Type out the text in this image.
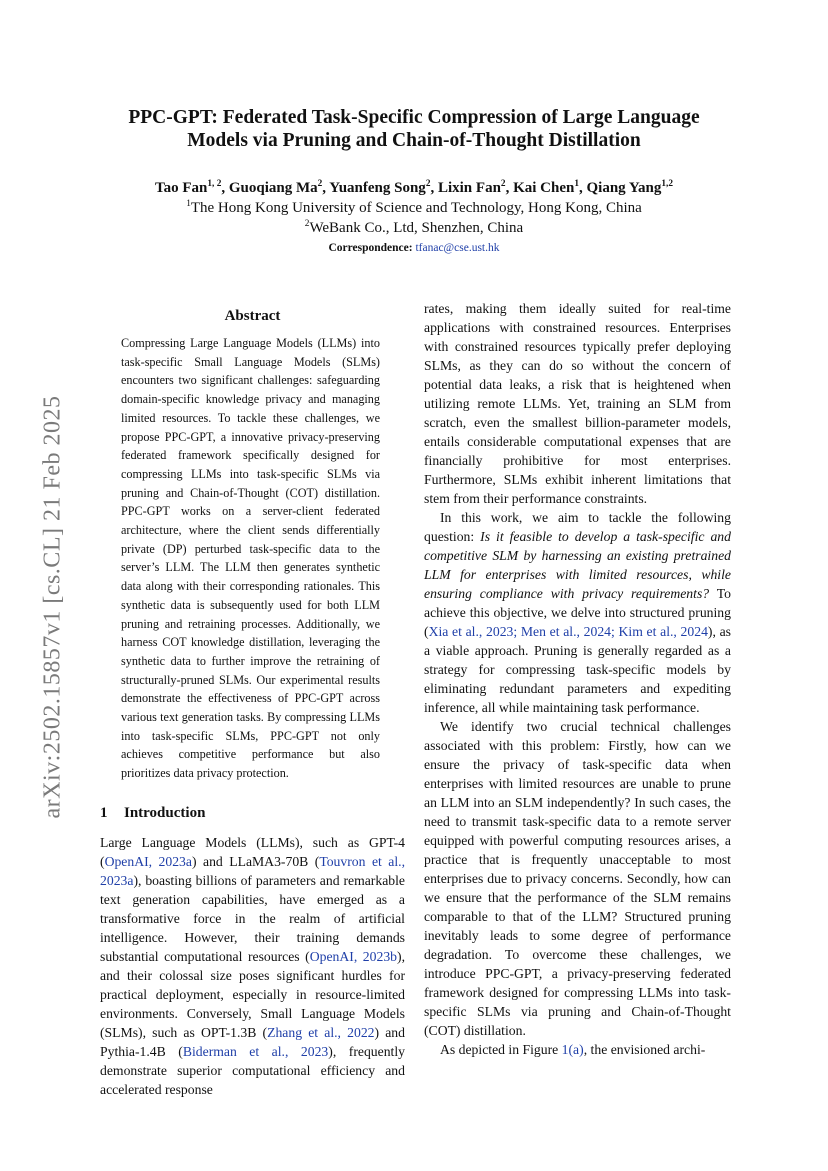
arXiv:2502.15857v1 [cs.CL] 21 Feb 2025
PPC-GPT: Federated Task-Specific Compression of Large Language
Models via Pruning and Chain-of-Thought Distillation
Tao Fan$^{1, 2}$, Guoqiang Ma$^2$, Yuanfeng Song$^2$, Lixin Fan$^2$, Kai Chen$^1$, Qiang Yang$^{1,2}$
$^1$The Hong Kong University of Science and Technology, Hong Kong, China
$^2$WeBank Co., Ltd, Shenzhen, China
Correspondence: tfanac@cse.ust.hk
Abstract

Compressing Large Language Models (LLMs) into task-specific Small Language Models (SLMs) encounters two significant challenges: safeguarding domain-specific knowledge privacy and managing limited resources. To tackle these challenges, we propose PPC-GPT, a innovative privacy-preserving federated framework specifically designed for compressing LLMs into task-specific SLMs via pruning and Chain-of-Thought (COT) distillation. PPC-GPT works on a server-client federated architecture, where the client sends differentially private (DP) perturbed task-specific data to the server’s LLM. The LLM then generates synthetic data along with their corresponding rationales. This synthetic data is subsequently used for both LLM pruning and retraining processes. Additionally, we harness COT knowledge distillation, leveraging the synthetic data to further improve the retraining of structurally-pruned SLMs. Our experimental results demonstrate the effectiveness of PPC-GPT across various text generation tasks. By compressing LLMs into task-specific SLMs, PPC-GPT not only achieves competitive performance but also prioritizes data privacy protection.

1 Introduction

Large Language Models (LLMs), such as GPT-4 (OpenAI, 2023a) and LLaMA3-70B (Touvron et al., 2023a), boasting billions of parameters and remarkable text generation capabilities, have emerged as a transformative force in the realm of artificial intelligence. However, their training demands substantial computational resources (OpenAI, 2023b), and their colossal size poses significant hurdles for practical deployment, especially in resource-limited environments. Conversely, Small Language Models (SLMs), such as OPT-1.3B (Zhang et al., 2022) and Pythia-1.4B (Biderman et al., 2023), frequently demonstrate superior computational efficiency and accelerated response

rates, making them ideally suited for real-time applications with constrained resources. Enterprises with constrained resources typically prefer deploying SLMs, as they can do so without the concern of potential data leaks, a risk that is heightened when utilizing remote LLMs. Yet, training an SLM from scratch, even the smallest billion-parameter models, entails considerable computational expenses that are financially prohibitive for most enterprises. Furthermore, SLMs exhibit inherent limitations that stem from their performance constraints.

In this work, we aim to tackle the following question: Is it feasible to develop a task-specific and competitive SLM by harnessing an existing pretrained LLM for enterprises with limited resources, while ensuring compliance with privacy requirements? To achieve this objective, we delve into structured pruning (Xia et al., 2023; Men et al., 2024; Kim et al., 2024), as a viable approach. Pruning is generally regarded as a strategy for compressing task-specific models by eliminating redundant parameters and expediting inference, all while maintaining task performance.

We identify two crucial technical challenges associated with this problem: Firstly, how can we ensure the privacy of task-specific data when enterprises with limited resources are unable to prune an LLM into an SLM independently? In such cases, the need to transmit task-specific data to a remote server equipped with powerful computing resources arises, a practice that is frequently unacceptable to most enterprises due to privacy concerns. Secondly, how can we ensure that the performance of the SLM remains comparable to that of the LLM? Structured pruning inevitably leads to some degree of performance degradation. To overcome these challenges, we introduce PPC-GPT, a privacy-preserving federated framework designed for compressing LLMs into task-specific SLMs via pruning and Chain-of-Thought (COT) distillation.

As depicted in Figure 1(a), the envisioned archi-
